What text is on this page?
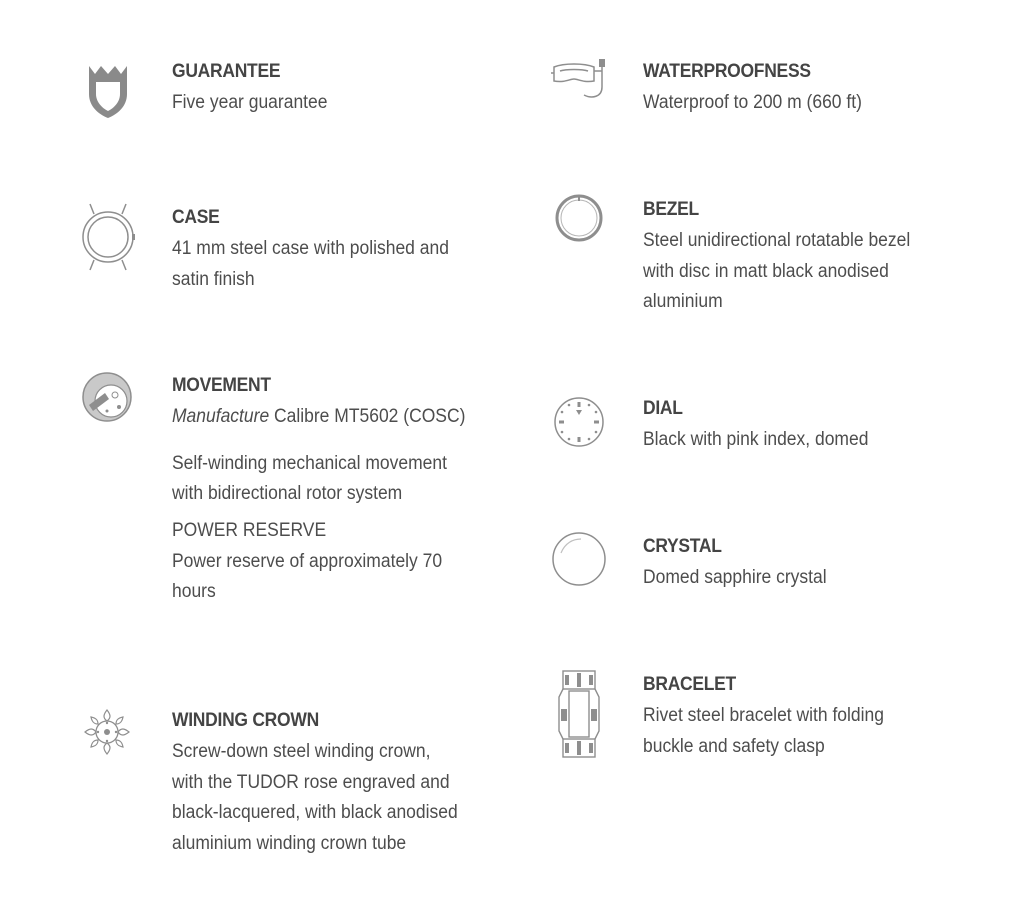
GUARANTEE

Five year guarantee

WATERPROOFNESS

Waterproof to 200 m (660 ft)

CASE

41 mm steel case with polished and

satin finish

BEZEL

Steel unidirectional rotatable bezel

with disc in matt black anodised

aluminium

MOVEMENT

Manufacture Calibre MT5602 (COSC)

Self-winding mechanical movement

with bidirectional rotor system

POWER RESERVE

Power reserve of approximately 70

hours

DIAL

Black with pink index, domed

CRYSTAL

Domed sapphire crystal

WINDING CROWN

Screw-down steel winding crown,

with the TUDOR rose engraved and

black-lacquered, with black anodised

aluminium winding crown tube

BRACELET

Rivet steel bracelet with folding

buckle and safety clasp
